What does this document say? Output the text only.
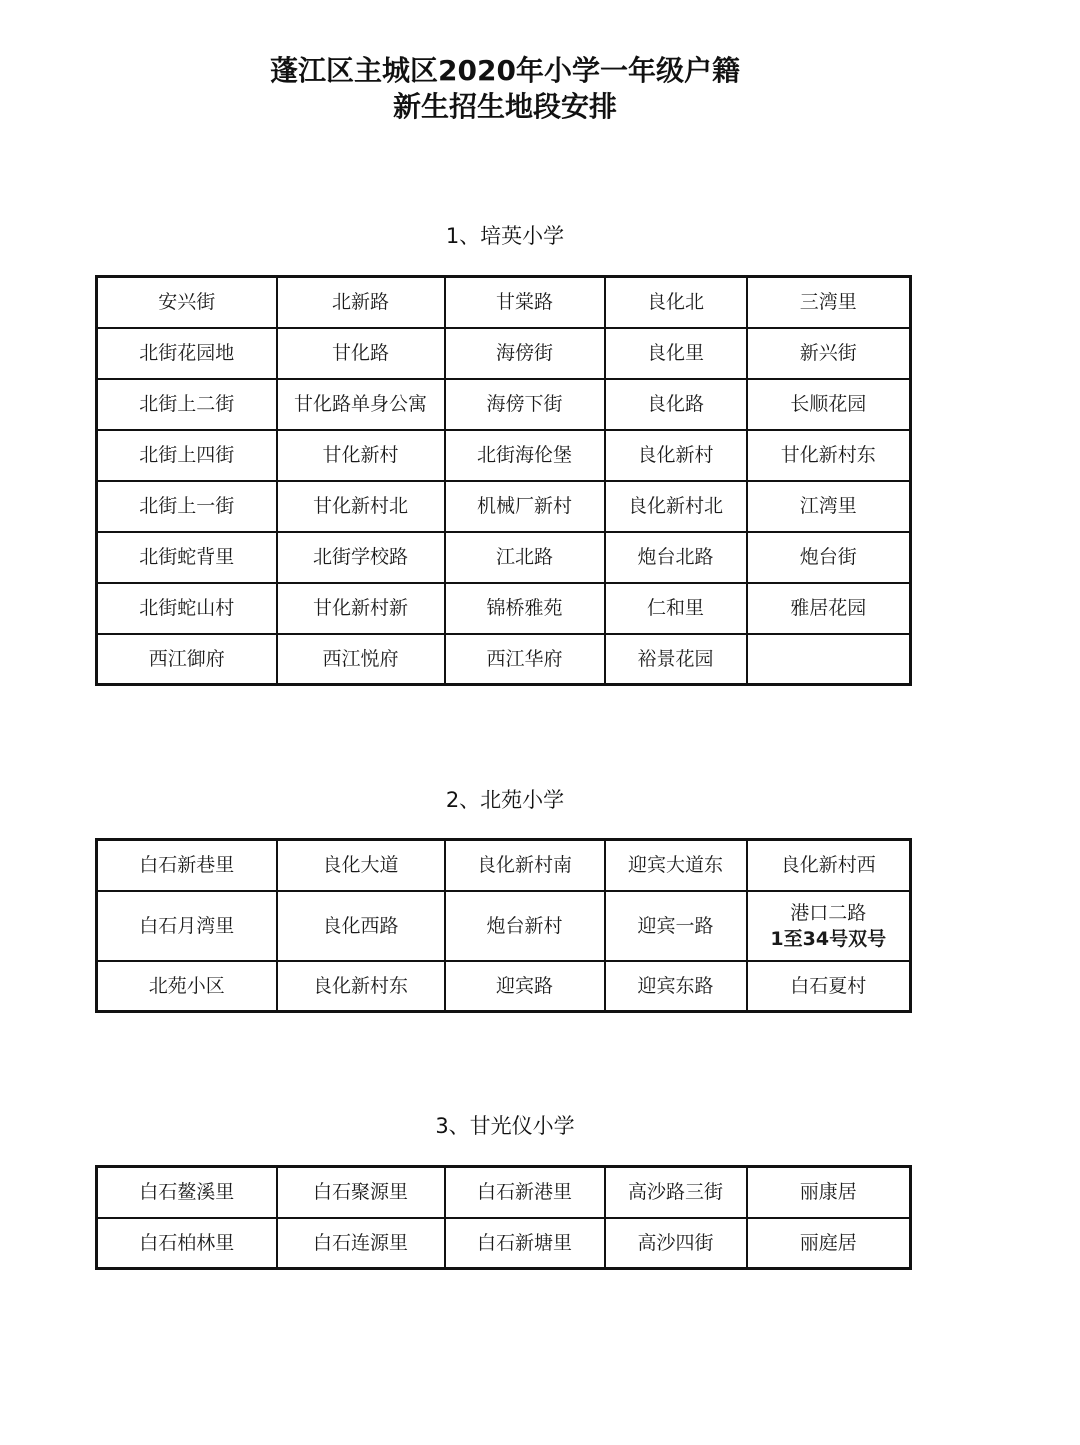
蓬江区主城区2020年小学一年级户籍
新生招生地段安排
1、培英小学
安兴街	北新路	甘棠路	良化北	三湾里
北街花园地	甘化路	海傍街	良化里	新兴街
北街上二街	甘化路单身公寓	海傍下街	良化路	长顺花园
北街上四街	甘化新村	北街海伦堡	良化新村	甘化新村东
北街上一街	甘化新村北	机械厂新村	良化新村北	江湾里
北街蛇背里	北街学校路	江北路	炮台北路	炮台街
北街蛇山村	甘化新村新	锦桥雅苑	仁和里	雅居花园
西江御府	西江悦府	西江华府	裕景花园	
2、北苑小学
白石新巷里	良化大道	良化新村南	迎宾大道东	良化新村西
白石月湾里	良化西路	炮台新村	迎宾一路	港口二路
1至34号双号

北苑小区	良化新村东	迎宾路	迎宾东路	白石夏村
3、甘光仪小学
白石鳌溪里	白石聚源里	白石新港里	高沙路三街	丽康居
白石柏林里	白石连源里	白石新塘里	高沙四街	丽庭居
